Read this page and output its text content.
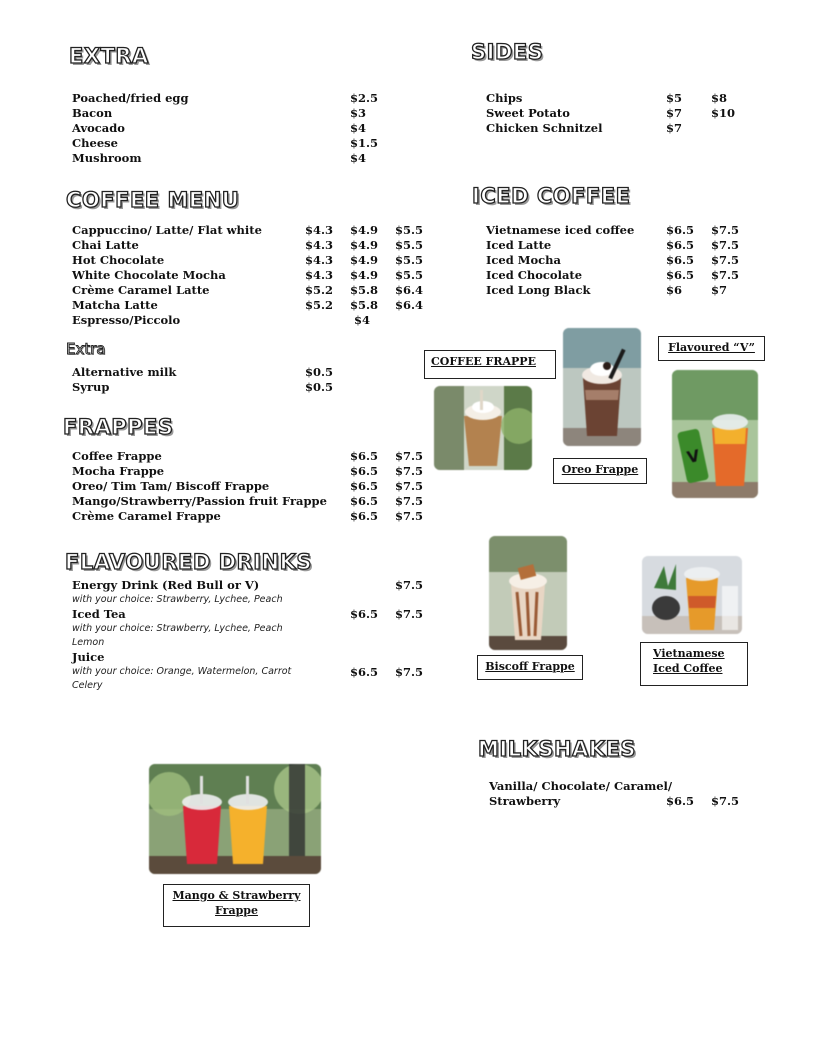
EXTRA
Poached/fried egg	$2.5
Bacon	$3
Avocado	$4
Cheese	$1.5
Mushroom	$4
SIDES
Chips	$5	$8
Sweet Potato	$7	$10
Chicken Schnitzel	$7
COFFEE MENU
Cappuccino/ Latte/ Flat white	$4.3 $4.9 $5.5
Chai Latte	$4.3 $4.9 $5.5
Hot Chocolate	$4.3 $4.9 $5.5
White Chocolate Mocha	$4.3 $4.9 $5.5
Crème Caramel Latte	$5.2 $5.8 $6.4
Matcha Latte	$5.2 $5.8 $6.4
Espresso/Piccolo	$4
Extra
Alternative milk	$0.5
Syrup	$0.5
ICED COFFEE
Vietnamese iced coffee	$6.5 $7.5
Iced Latte	$6.5 $7.5
Iced Mocha	$6.5 $7.5
Iced Chocolate	$6.5 $7.5
Iced Long Black	$6	$7
FRAPPES
Coffee Frappe	$6.5 $7.5
Mocha Frappe	$6.5 $7.5
Oreo/ Tim Tam/ Biscoff Frappe	$6.5 $7.5
Mango/Strawberry/Passion fruit Frappe $6.5 $7.5
Crème Caramel Frappe	$6.5 $7.5
FLAVOURED DRINKS
Energy Drink (Red Bull or V)	$7.5
with your choice: Strawberry, Lychee, Peach
Iced Tea	$6.5 $7.5
with your choice: Strawberry, Lychee, Peach
Lemon
Juice
with your choice: Orange, Watermelon, Carrot	$6.5 $7.5
Celery
MILKSHAKES
Vanilla/ Chocolate/ Caramel/
Strawberry	$6.5 $7.5
V
COFFEE FRAPPE
Flavoured “V”
Oreo Frappe
Biscoff Frappe
Vietnamese
Iced Coffee
Mango & Strawberry
Frappe
